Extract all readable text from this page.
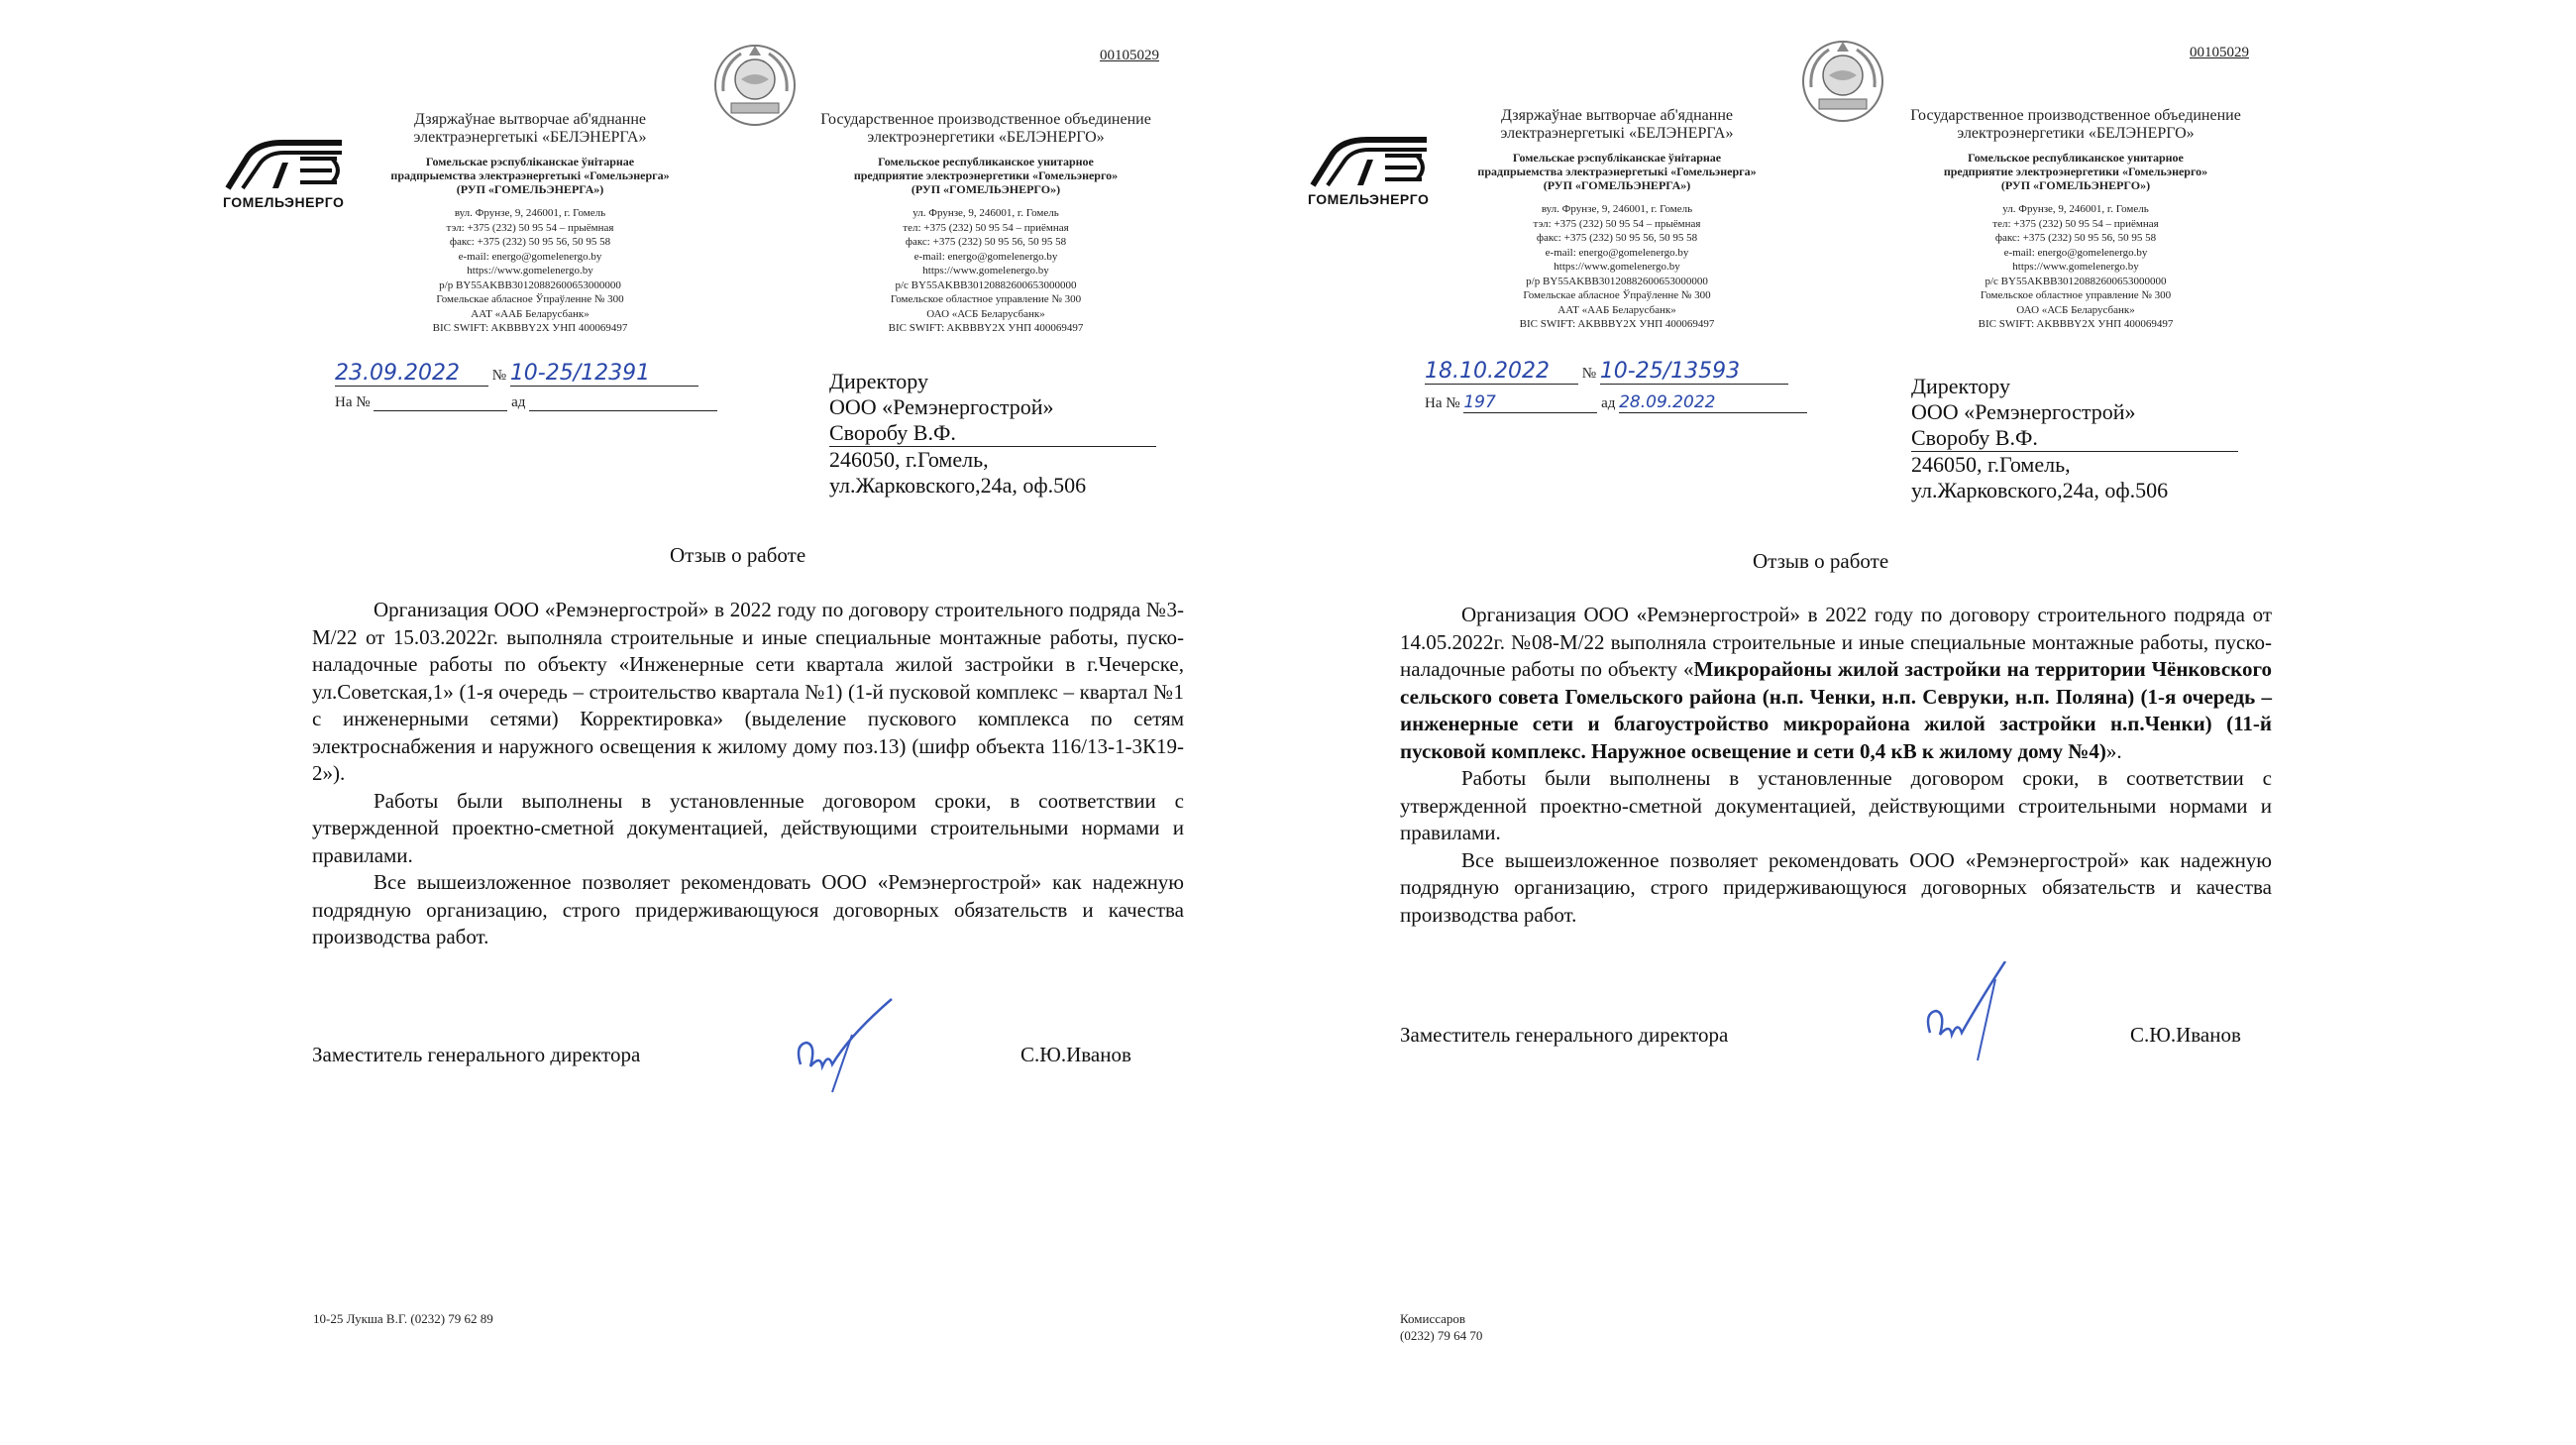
00105029
ГОМЕЛЬЭНЕРГО
Дзяржаўнае вытворчае аб'яднанне
электраэнергетыкі «БЕЛЭНЕРГА»
Гомельскае рэспубліканскае ўнітарнае
прадпрыемства электраэнергетыкі «Гомельэнерга»
(РУП «ГОМЕЛЬЭНЕРГА»)
вул. Фрунзе, 9, 246001, г. Гомель
тэл: +375 (232) 50 95 54 – прыёмная
факс: +375 (232) 50 95 56, 50 95 58
e-mail: energo@gomelenergo.by
https://www.gomelenergo.by
р/р BY55AKBB30120882600653000000
Гомельскае абласное Ўпраўленне № 300
ААТ «ААБ Беларусбанк»
BIC SWIFT: AKBBBY2X УНП 400069497
Государственное производственное объединение
электроэнергетики «БЕЛЭНЕРГО»
Гомельское республиканское унитарное
предприятие электроэнергетики «Гомельэнерго»
(РУП «ГОМЕЛЬЭНЕРГО»)
ул. Фрунзе, 9, 246001, г. Гомель
тел: +375 (232) 50 95 54 – приёмная
факс: +375 (232) 50 95 56, 50 95 58
e-mail: energo@gomelenergo.by
https://www.gomelenergo.by
р/с BY55AKBB30120882600653000000
Гомельское областное управление № 300
ОАО «АСБ Беларусбанк»
BIC SWIFT: AKBBBY2X УНП 400069497
23.09.2022 № 10-25/12391
На №	ад
Директору
ООО «Ремэнергострой»
Своробу В.Ф.
246050, г.Гомель,
ул.Жарковского,24а, оф.506
Отзыв о работе

Организация ООО «Ремэнергострой» в 2022 году по договору строительного подряда №3-М/22 от 15.03.2022г. выполняла строительные и иные специальные монтажные работы, пуско-наладочные работы по объекту «Инженерные сети квартала жилой застройки в г.Чечерске, ул.Советская,1» (1-я очередь – строительство квартала №1) (1-й пусковой комплекс – квартал №1 с инженерными сетями) Корректировка» (выделение пускового комплекса по сетям электроснабжения и наружного освещения к жилому дому поз.13) (шифр объекта 116/13-1-3К19-2»).

Работы были выполнены в установленные договором сроки, в соответствии с утвержденной проектно-сметной документацией, действующими строительными нормами и правилами.

Все вышеизложенное позволяет рекомендовать ООО «Ремэнергострой» как надежную подрядную организацию, строго придерживающуюся договорных обязательств и качества производства работ.

Заместитель генерального директора	С.Ю.Иванов
10-25 Лукша В.Г. (0232) 79 62 89
00105029
ГОМЕЛЬЭНЕРГО
Дзяржаўнае вытворчае аб'яднанне
электраэнергетыкі «БЕЛЭНЕРГА»
Гомельскае рэспубліканскае ўнітарнае
прадпрыемства электраэнергетыкі «Гомельэнерга»
(РУП «ГОМЕЛЬЭНЕРГА»)
вул. Фрунзе, 9, 246001, г. Гомель
тэл: +375 (232) 50 95 54 – прыёмная
факс: +375 (232) 50 95 56, 50 95 58
e-mail: energo@gomelenergo.by
https://www.gomelenergo.by
р/р BY55AKBB30120882600653000000
Гомельскае абласное Ўпраўленне № 300
ААТ «ААБ Беларусбанк»
BIC SWIFT: AKBBBY2X УНП 400069497
Государственное производственное объединение
электроэнергетики «БЕЛЭНЕРГО»
Гомельское республиканское унитарное
предприятие электроэнергетики «Гомельэнерго»
(РУП «ГОМЕЛЬЭНЕРГО»)
ул. Фрунзе, 9, 246001, г. Гомель
тел: +375 (232) 50 95 54 – приёмная
факс: +375 (232) 50 95 56, 50 95 58
e-mail: energo@gomelenergo.by
https://www.gomelenergo.by
р/с BY55AKBB30120882600653000000
Гомельское областное управление № 300
ОАО «АСБ Беларусбанк»
BIC SWIFT: AKBBBY2X УНП 400069497
18.10.2022 № 10-25/13593
На № 197	ад 28.09.2022
Директору
ООО «Ремэнергострой»
Своробу В.Ф.
246050, г.Гомель,
ул.Жарковского,24а, оф.506
Отзыв о работе

Организация ООО «Ремэнергострой» в 2022 году по договору строительного подряда от 14.05.2022г. №08-М/22 выполняла строительные и иные специальные монтажные работы, пуско-наладочные работы по объекту «Микрорайоны жилой застройки на территории Чёнковского сельского совета Гомельского района (н.п. Ченки, н.п. Севруки, н.п. Поляна) (1-я очередь – инженерные сети и благоустройство микрорайона жилой застройки н.п.Ченки) (11-й пусковой комплекс. Наружное освещение и сети 0,4 кВ к жилому дому №4)».

Работы были выполнены в установленные договором сроки, в соответствии с утвержденной проектно-сметной документацией, действующими строительными нормами и правилами.

Все вышеизложенное позволяет рекомендовать ООО «Ремэнергострой» как надежную подрядную организацию, строго придерживающуюся договорных обязательств и качества производства работ.

Заместитель генерального директора	С.Ю.Иванов
Комиссаров
(0232) 79 64 70
